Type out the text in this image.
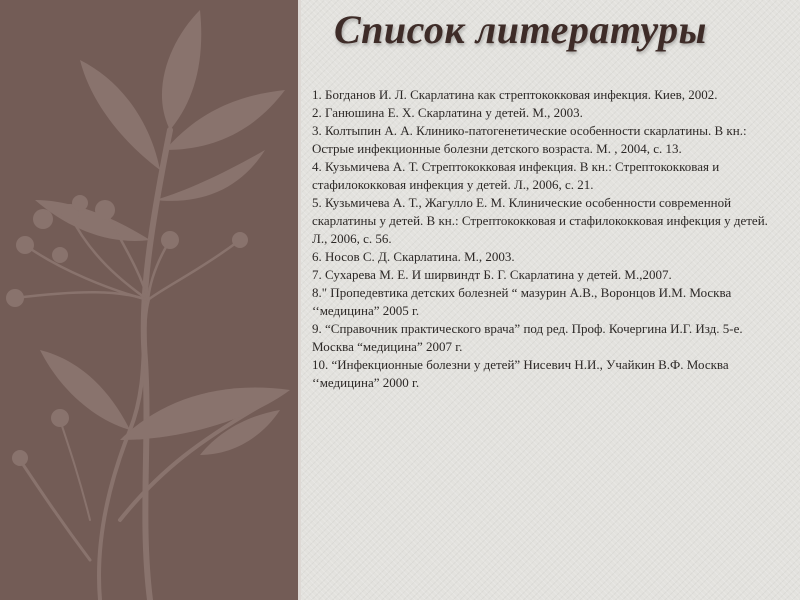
Список литературы
1. Богданов И. Л. Скарлатина как стрептококковая инфекция. Киев, 2002.
2. Ганюшина Е. Х. Скарлатина у детей. М., 2003.
3. Колтыпин А. А. Клинико-патогенетические особенности скарлатины. В кн.: Острые инфекционные болезни детского возраста. М. , 2004, с. 13.
4. Кузьмичева А. Т. Стрептококковая инфекция. В кн.: Стрептококковая и стафилококковая инфекция у детей. Л., 2006, с. 21.
5. Кузьмичева А. Т., Жагулло Е. М. Клинические особенности современной скарлатины у детей. В кн.: Стрептококковая и стафилококковая инфекция у детей. Л., 2006, с. 56.
6. Носов С. Д. Скарлатина. М., 2003.
7. Сухарева М. Е. И ширвиндт Б. Г. Скарлатина у детей. М.,2007.
8." Пропедевтика детских болезней “ мазурин А.В., Воронцов И.М. Москва ‘‘медицина” 2005 г.
9. “Справочник практического врача” под ред. Проф. Кочергина И.Г. Изд. 5-е. Москва “медицина” 2007 г.
10. “Инфекционные болезни у детей” Нисевич Н.И., Учайкин В.Ф. Москва ‘‘медицина” 2000 г.
